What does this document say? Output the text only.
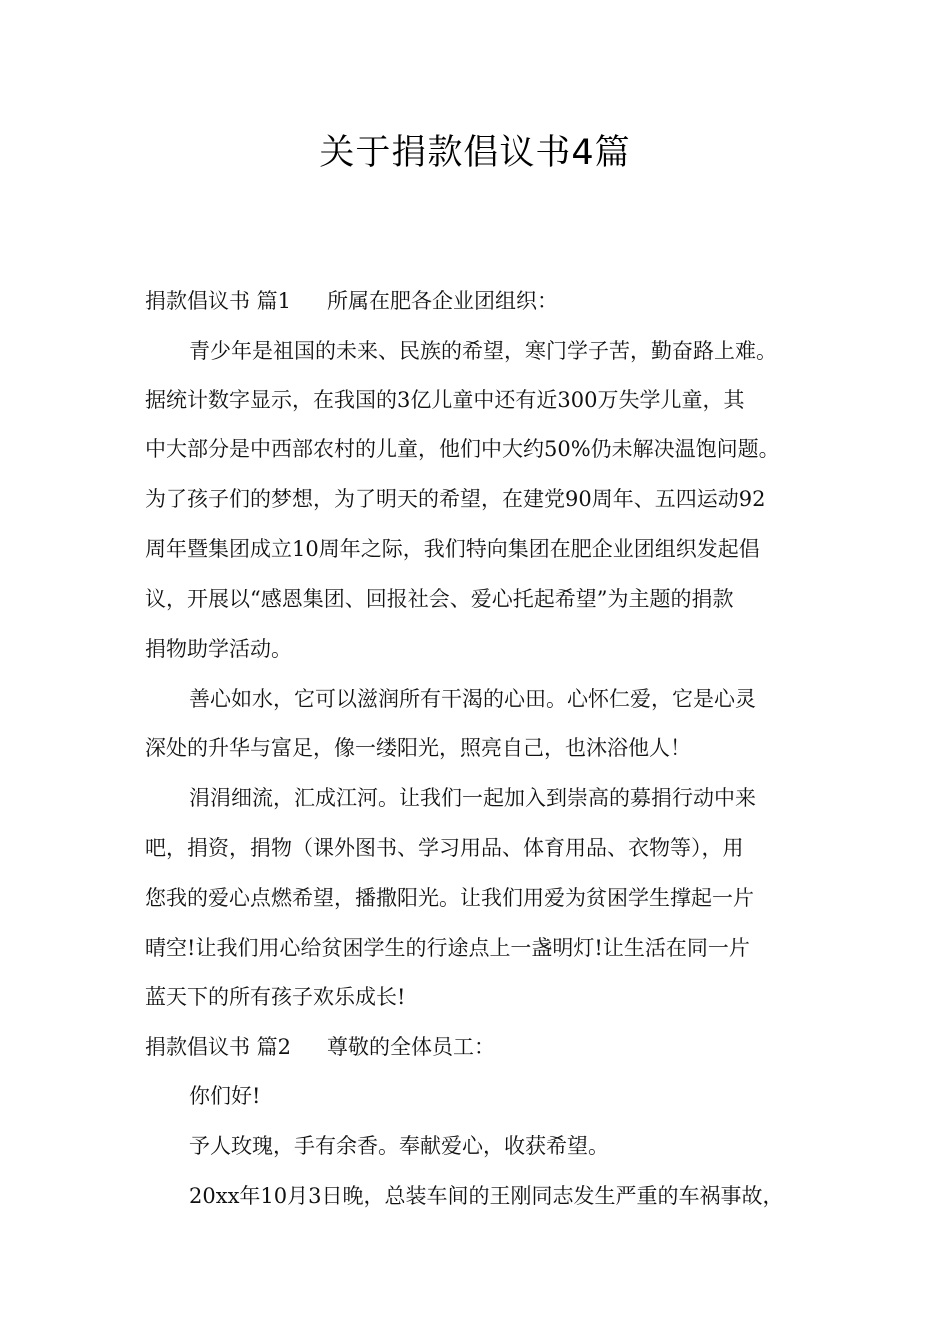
关于捐款倡议书4篇
捐款倡议书 篇1 所属在肥各企业团组织：
青少年是祖国的未来、民族的希望，寒门学子苦，勤奋路上难。
据统计数字显示，在我国的3亿儿童中还有近300万失学儿童，其
中大部分是中西部农村的儿童，他们中大约50%仍未解决温饱问题。
为了孩子们的梦想，为了明天的希望，在建党90周年、五四运动92
周年暨集团成立10周年之际，我们特向集团在肥企业团组织发起倡
议，开展以“感恩集团、回报社会、爱心托起希望”为主题的捐款
捐物助学活动。
善心如水，它可以滋润所有干渴的心田。心怀仁爱，它是心灵
深处的升华与富足，像一缕阳光，照亮自己，也沐浴他人！
涓涓细流，汇成江河。让我们一起加入到崇高的募捐行动中来
吧，捐资，捐物（课外图书、学习用品、体育用品、衣物等），用
您我的爱心点燃希望，播撒阳光。让我们用爱为贫困学生撑起一片
晴空!让我们用心给贫困学生的行途点上一盏明灯!让生活在同一片
蓝天下的所有孩子欢乐成长!
捐款倡议书 篇2 尊敬的全体员工：
你们好!
予人玫瑰，手有余香。奉献爱心，收获希望。
20xx年10月3日晚，总装车间的王刚同志发生严重的车祸事故，
